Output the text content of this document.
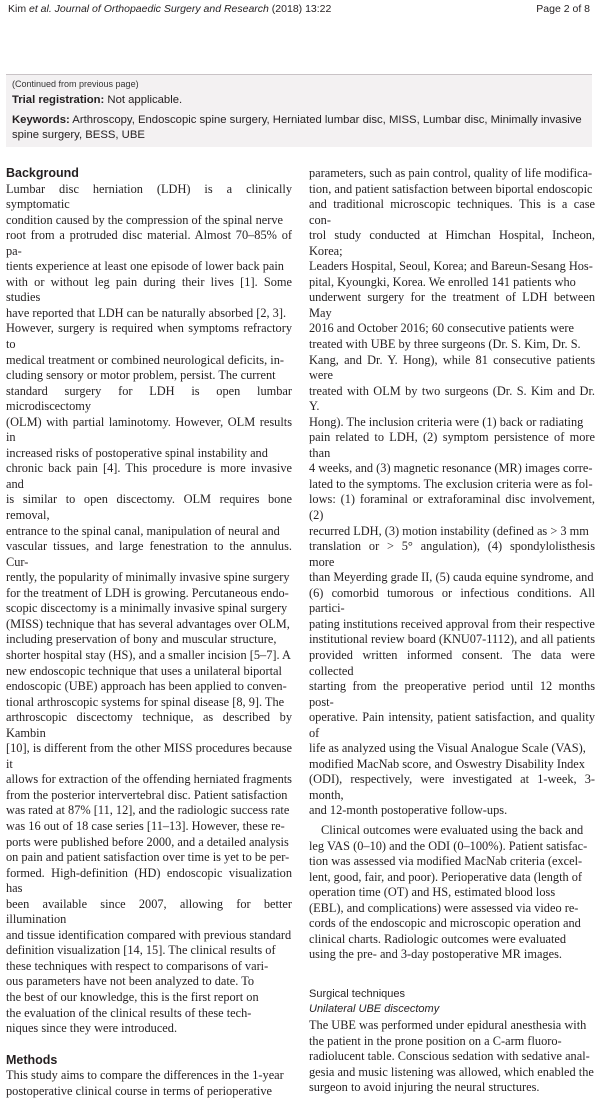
Kim et al. Journal of Orthopaedic Surgery and Research (2018) 13:22	Page 2 of 8
(Continued from previous page)
Trial registration: Not applicable.
Keywords: Arthroscopy, Endoscopic spine surgery, Herniated lumbar disc, MISS, Lumbar disc, Minimally invasive
spine surgery, BESS, UBE
Background
Lumbar disc herniation (LDH) is a clinically symptomatic
condition caused by the compression of the spinal nerve
root from a protruded disc material. Almost 70–85% of pa-
tients experience at least one episode of lower back pain
with or without leg pain during their lives [1]. Some studies
have reported that LDH can be naturally absorbed [2, 3].
However, surgery is required when symptoms refractory to
medical treatment or combined neurological deficits, in-
cluding sensory or motor problem, persist. The current
standard surgery for LDH is open lumbar microdiscectomy
(OLM) with partial laminotomy. However, OLM results in
increased risks of postoperative spinal instability and
chronic back pain [4]. This procedure is more invasive and
is similar to open discectomy. OLM requires bone removal,
entrance to the spinal canal, manipulation of neural and
vascular tissues, and large fenestration to the annulus. Cur-
rently, the popularity of minimally invasive spine surgery
for the treatment of LDH is growing. Percutaneous endo-
scopic discectomy is a minimally invasive spinal surgery
(MISS) technique that has several advantages over OLM,
including preservation of bony and muscular structure,
shorter hospital stay (HS), and a smaller incision [5–7]. A
new endoscopic technique that uses a unilateral biportal
endoscopic (UBE) approach has been applied to conven-
tional arthroscopic systems for spinal disease [8, 9]. The
arthroscopic discectomy technique, as described by Kambin
[10], is different from the other MISS procedures because it
allows for extraction of the offending herniated fragments
from the posterior intervertebral disc. Patient satisfaction
was rated at 87% [11, 12], and the radiologic success rate
was 16 out of 18 case series [11–13]. However, these re-
ports were published before 2000, and a detailed analysis
on pain and patient satisfaction over time is yet to be per-
formed. High-definition (HD) endoscopic visualization has
been available since 2007, allowing for better illumination
and tissue identification compared with previous standard
definition visualization [14, 15]. The clinical results of
these techniques with respect to comparisons of vari-
ous parameters have not been analyzed to date. To
the best of our knowledge, this is the first report on
the evaluation of the clinical results of these tech-
niques since they were introduced.
Methods
This study aims to compare the differences in the 1-year
postoperative clinical course in terms of perioperative
parameters, such as pain control, quality of life modifica-
tion, and patient satisfaction between biportal endoscopic
and traditional microscopic techniques. This is a case con-
trol study conducted at Himchan Hospital, Incheon, Korea;
Leaders Hospital, Seoul, Korea; and Bareun-Sesang Hos-
pital, Kyoungki, Korea. We enrolled 141 patients who
underwent surgery for the treatment of LDH between May
2016 and October 2016; 60 consecutive patients were
treated with UBE by three surgeons (Dr. S. Kim, Dr. S.
Kang, and Dr. Y. Hong), while 81 consecutive patients were
treated with OLM by two surgeons (Dr. S. Kim and Dr. Y.
Hong). The inclusion criteria were (1) back or radiating
pain related to LDH, (2) symptom persistence of more than
4 weeks, and (3) magnetic resonance (MR) images corre-
lated to the symptoms. The exclusion criteria were as fol-
lows: (1) foraminal or extraforaminal disc involvement, (2)
recurred LDH, (3) motion instability (defined as > 3 mm
translation or > 5° angulation), (4) spondylolisthesis more
than Meyerding grade II, (5) cauda equine syndrome, and
(6) comorbid tumorous or infectious conditions. All partici-
pating institutions received approval from their respective
institutional review board (KNU07-1112), and all patients
provided written informed consent. The data were collected
starting from the preoperative period until 12 months post-
operative. Pain intensity, patient satisfaction, and quality of
life as analyzed using the Visual Analogue Scale (VAS),
modified MacNab score, and Oswestry Disability Index
(ODI), respectively, were investigated at 1-week, 3-month,
and 12-month postoperative follow-ups.
Clinical outcomes were evaluated using the back and
leg VAS (0–10) and the ODI (0–100%). Patient satisfac-
tion was assessed via modified MacNab criteria (excel-
lent, good, fair, and poor). Perioperative data (length of
operation time (OT) and HS, estimated blood loss
(EBL), and complications) were assessed via video re-
cords of the endoscopic and microscopic operation and
clinical charts. Radiologic outcomes were evaluated
using the pre- and 3-day postoperative MR images.
Surgical techniques
Unilateral UBE discectomy
The UBE was performed under epidural anesthesia with
the patient in the prone position on a C-arm fluoro-
radiolucent table. Conscious sedation with sedative anal-
gesia and music listening was allowed, which enabled the
surgeon to avoid injuring the neural structures.
